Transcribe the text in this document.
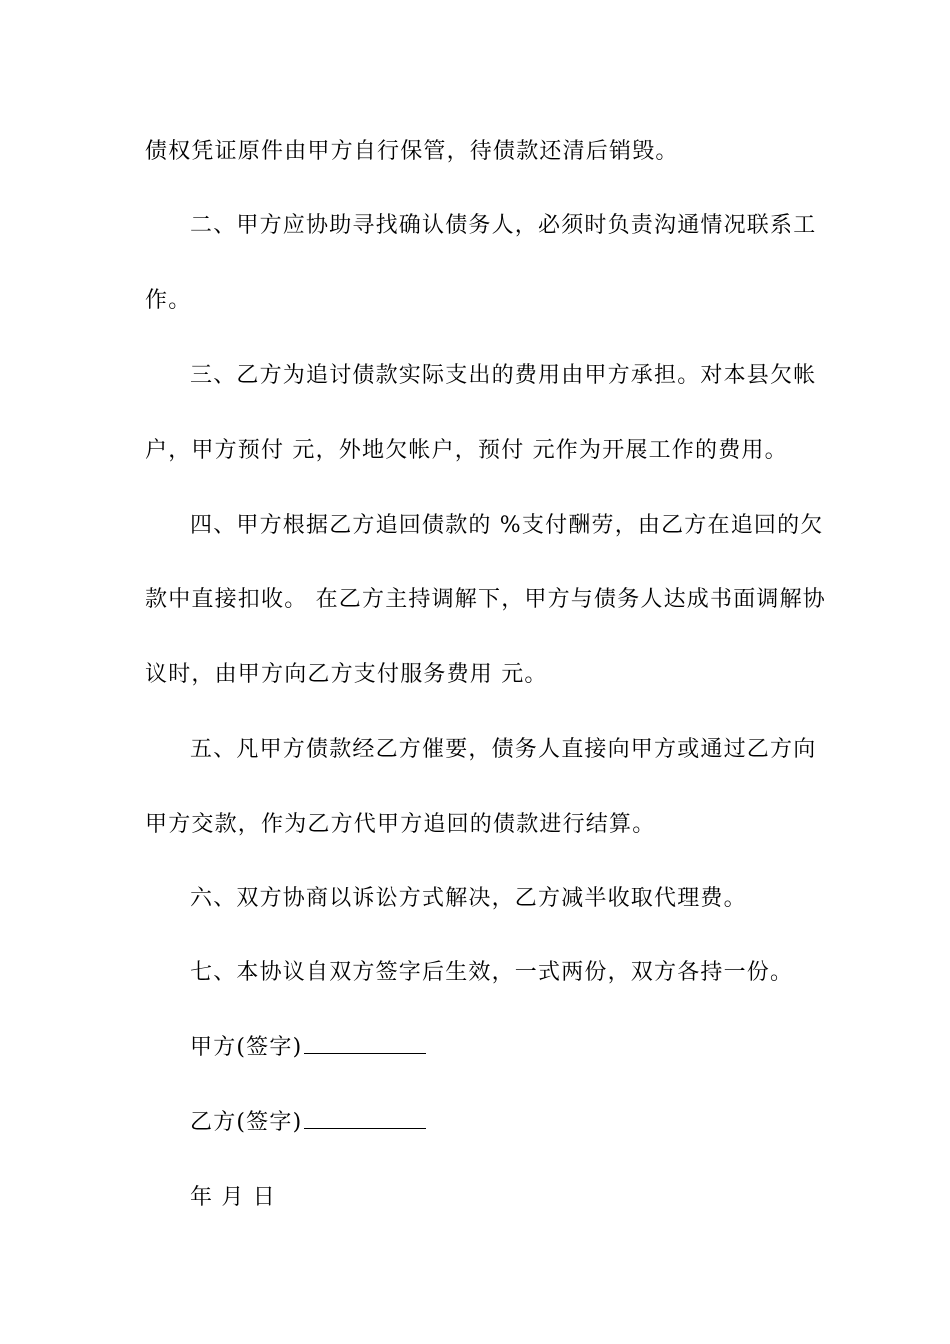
债权凭证原件由甲方自行保管，待债款还清后销毁。
二、甲方应协助寻找确认债务人，必须时负责沟通情况联系工
作。
三、乙方为追讨债款实际支出的费用由甲方承担。对本县欠帐
户，甲方预付 元，外地欠帐户，预付 元作为开展工作的费用。
四、甲方根据乙方追回债款的 %支付酬劳，由乙方在追回的欠
款中直接扣收。 在乙方主持调解下，甲方与债务人达成书面调解协
议时，由甲方向乙方支付服务费用 元。
五、凡甲方债款经乙方催要，债务人直接向甲方或通过乙方向
甲方交款，作为乙方代甲方追回的债款进行结算。
六、双方协商以诉讼方式解决，乙方减半收取代理费。
七、本协议自双方签字后生效，一式两份，双方各持一份。
甲方(签字)
乙方(签字)
年 月 日
